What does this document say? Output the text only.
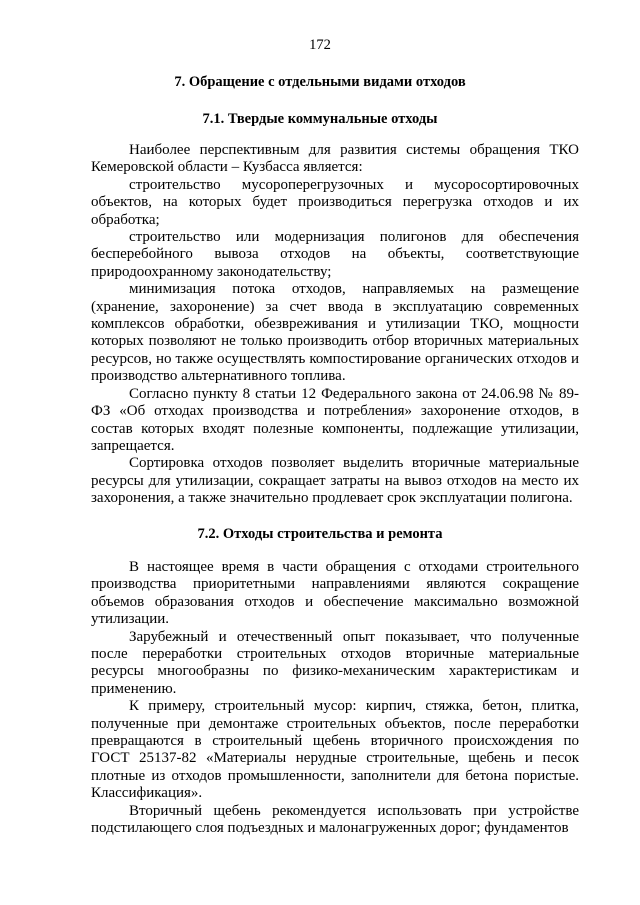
172
7. Обращение с отдельными видами отходов
7.1. Твердые коммунальные отходы

Наиболее перспективным для развития системы обращения ТКО Кемеровской области – Кузбасса является:

строительство мусороперегрузочных и мусоросортировочных объектов, на которых будет производиться перегрузка отходов и их обработка;

строительство или модернизация полигонов для обеспечения бесперебойного вывоза отходов на объекты, соответствующие природоохранному законодательству;

минимизация потока отходов, направляемых на размещение (хранение, захоронение) за счет ввода в эксплуатацию современных комплексов обработки, обезвреживания и утилизации ТКО, мощности которых позволяют не только производить отбор вторичных материальных ресурсов, но также осуществлять компостирование органических отходов и производство альтернативного топлива.

Согласно пункту 8 статьи 12 Федерального закона от 24.06.98 № 89-ФЗ «Об отходах производства и потребления» захоронение отходов, в состав которых входят полезные компоненты, подлежащие утилизации, запрещается.

Сортировка отходов позволяет выделить вторичные материальные ресурсы для утилизации, сокращает затраты на вывоз отходов на место их захоронения, а также значительно продлевает срок эксплуатации полигона.

7.2. Отходы строительства и ремонта

В настоящее время в части обращения с отходами строительного производства приоритетными направлениями являются сокращение объемов образования отходов и обеспечение максимально возможной утилизации.

Зарубежный и отечественный опыт показывает, что полученные после переработки строительных отходов вторичные материальные ресурсы многообразны по физико-механическим характеристикам и применению.

К примеру, строительный мусор: кирпич, стяжка, бетон, плитка, полученные при демонтаже строительных объектов, после переработки превращаются в строительный щебень вторичного происхождения по ГОСТ 25137-82 «Материалы нерудные строительные, щебень и песок плотные из отходов промышленности, заполнители для бетона пористые. Классификация».

Вторичный щебень рекомендуется использовать при устройстве подстилающего слоя подъездных и малонагруженных дорог; фундаментов
